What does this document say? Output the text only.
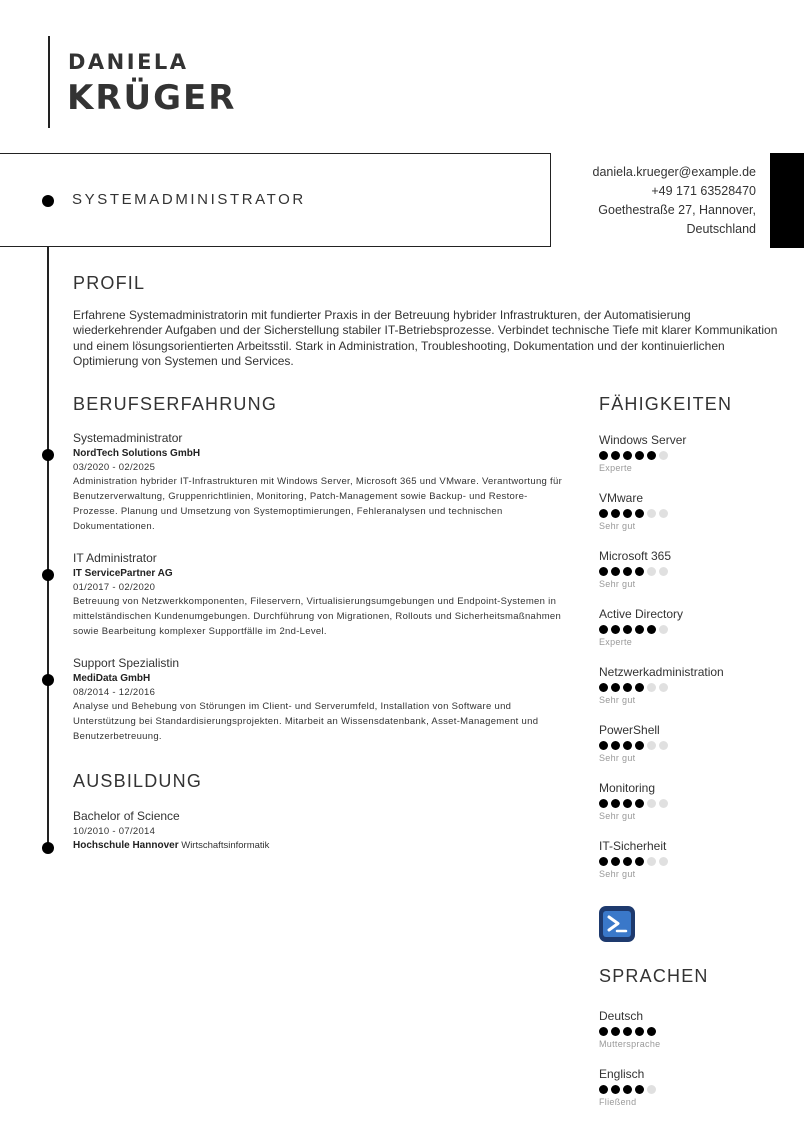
DANIELA
KRÜGER
SYSTEMADMINISTRATOR
daniela.krueger@example.de
+49 171 63528470
Goethestraße 27, Hannover, Deutschland
PROFIL
Erfahrene Systemadministratorin mit fundierter Praxis in der Betreuung hybrider Infrastrukturen, der Automatisierung wiederkehrender Aufgaben und der Sicherstellung stabiler IT-Betriebsprozesse. Verbindet technische Tiefe mit klarer Kommunikation und einem lösungsorientierten Arbeitsstil. Stark in Administration, Troubleshooting, Dokumentation und der kontinuierlichen Optimierung von Systemen und Services.
BERUFSERFAHRUNG
Systemadministrator
NordTech Solutions GmbH
03/2020 - 02/2025
Administration hybrider IT-Infrastrukturen mit Windows Server, Microsoft 365 und VMware. Verantwortung für Benutzerverwaltung, Gruppenrichtlinien, Monitoring, Patch-Management sowie Backup- und Restore-Prozesse. Planung und Umsetzung von Systemoptimierungen, Fehleranalysen und technischen Dokumentationen.
IT Administrator
IT ServicePartner AG
01/2017 - 02/2020
Betreuung von Netzwerkkomponenten, Fileservern, Virtualisierungsumgebungen und Endpoint-Systemen in mittelständischen Kundenumgebungen. Durchführung von Migrationen, Rollouts und Sicherheitsmaßnahmen sowie Bearbeitung komplexer Supportfälle im 2nd-Level.
Support Spezialistin
MediData GmbH
08/2014 - 12/2016
Analyse und Behebung von Störungen im Client- und Serverumfeld, Installation von Software und Unterstützung bei Standardisierungsprojekten. Mitarbeit an Wissensdatenbank, Asset-Management und Benutzerbetreuung.
AUSBILDUNG
Bachelor of Science
10/2010 - 07/2014
Hochschule Hannover Wirtschaftsinformatik
FÄHIGKEITEN
Windows Server
Experte
VMware
Sehr gut
Microsoft 365
Sehr gut
Active Directory
Experte
Netzwerkadministration
Sehr gut
PowerShell
Sehr gut
Monitoring
Sehr gut
IT-Sicherheit
Sehr gut
SPRACHEN
Deutsch
Muttersprache
Englisch
Fließend
